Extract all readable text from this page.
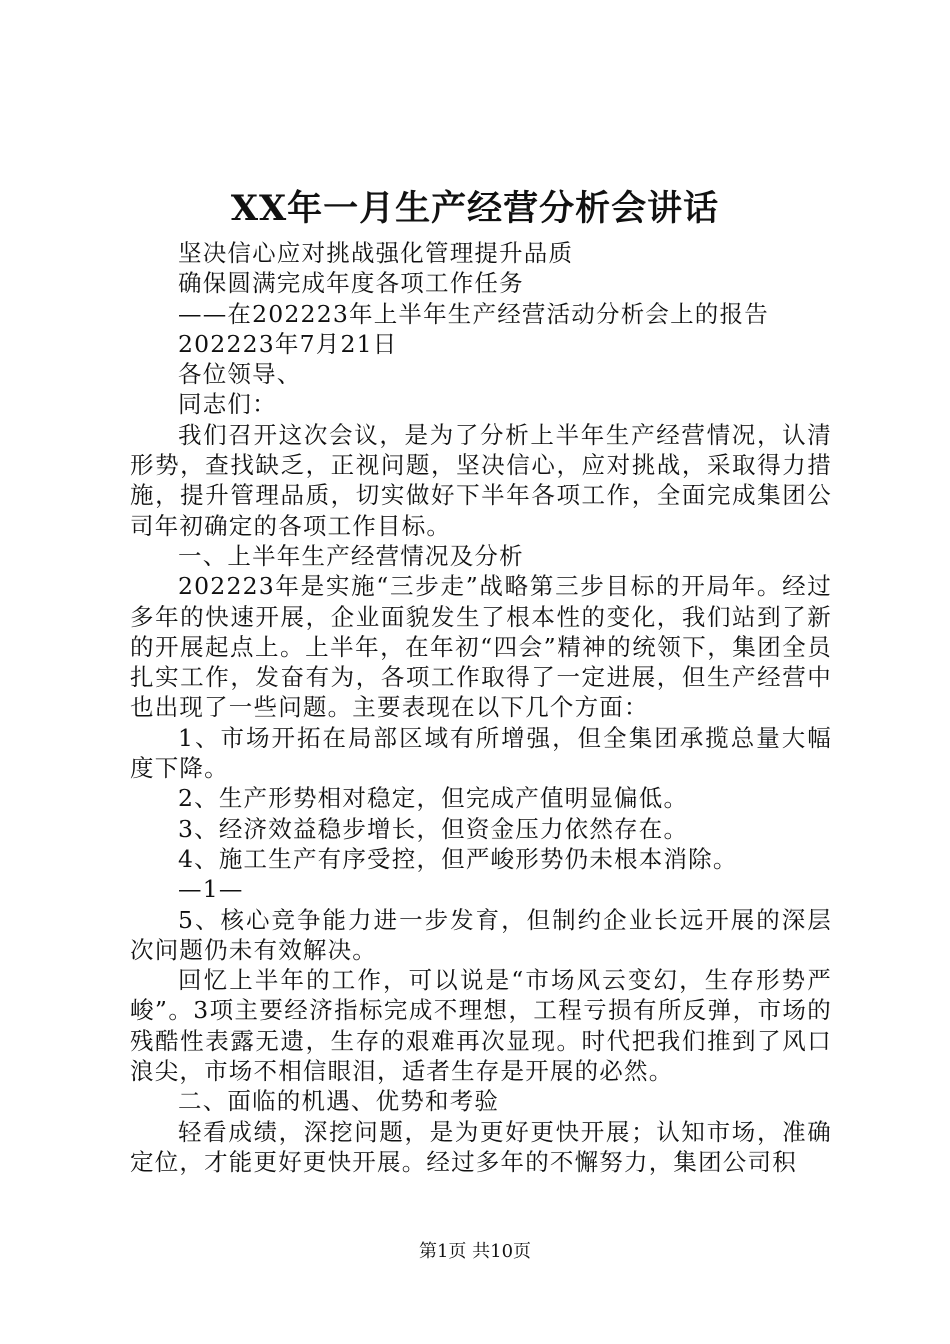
XX年一月生产经营分析会讲话

坚决信心应对挑战强化管理提升品质

确保圆满完成年度各项工作任务

——在202223年上半年生产经营活动分析会上的报告

202223年7月21日

各位领导、

同志们：

我们召开这次会议，是为了分析上半年生产经营情况，认清形势，查找缺乏，正视问题，坚决信心，应对挑战，采取得力措施，提升管理品质，切实做好下半年各项工作，全面完成集团公司年初确定的各项工作目标。

一、上半年生产经营情况及分析

202223年是实施“三步走”战略第三步目标的开局年。经过多年的快速开展，企业面貌发生了根本性的变化，我们站到了新的开展起点上。上半年，在年初“四会”精神的统领下，集团全员扎实工作，发奋有为，各项工作取得了一定进展，但生产经营中也出现了一些问题。主要表现在以下几个方面：

1、市场开拓在局部区域有所增强，但全集团承揽总量大幅度下降。

2、生产形势相对稳定，但完成产值明显偏低。

3、经济效益稳步增长，但资金压力依然存在。

4、施工生产有序受控，但严峻形势仍未根本消除。

—1—

5、核心竞争能力进一步发育，但制约企业长远开展的深层次问题仍未有效解决。

回忆上半年的工作，可以说是“市场风云变幻，生存形势严峻”。3项主要经济指标完成不理想，工程亏损有所反弹，市场的残酷性表露无遗，生存的艰难再次显现。时代把我们推到了风口浪尖，市场不相信眼泪，适者生存是开展的必然。

二、面临的机遇、优势和考验

轻看成绩，深挖问题，是为更好更快开展；认知市场，准确定位，才能更好更快开展。经过多年的不懈努力，集团公司积

第1页 共10页
